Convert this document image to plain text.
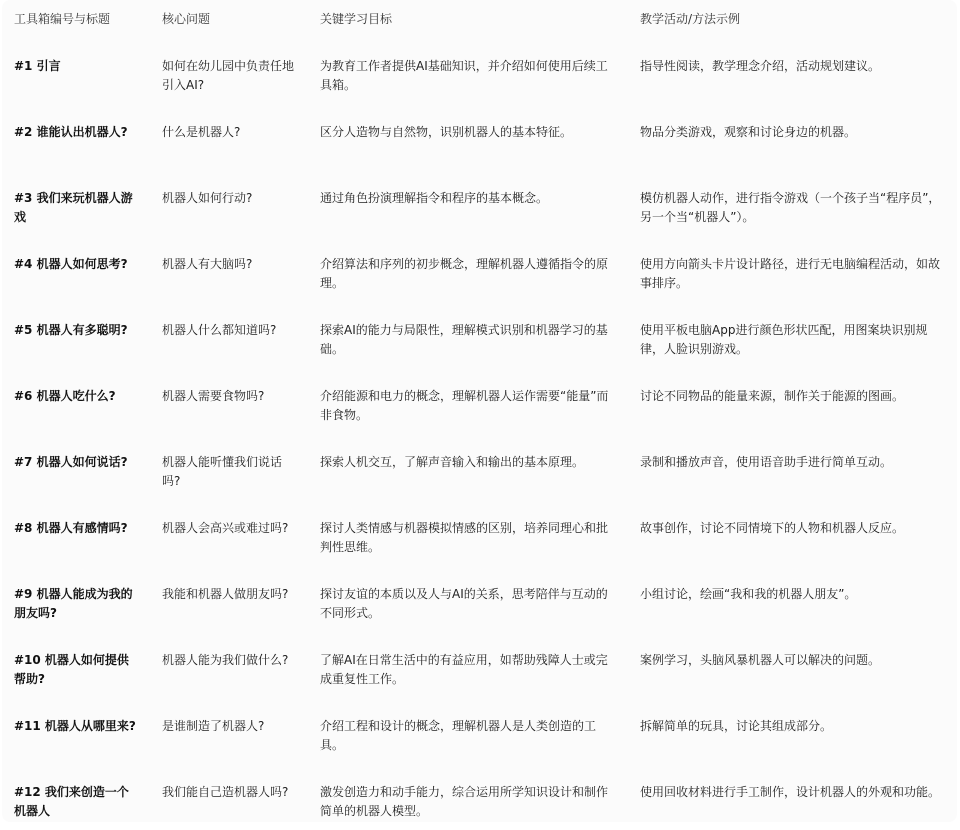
工具箱编号与标题	核心问题	关键学习目标	教学活动/方法示例
#1 引言	如何在幼儿园中负责任地引入AI?	为教育工作者提供AI基础知识，并介绍如何使用后续工具箱。	指导性阅读，教学理念介绍，活动规划建议。
#2 谁能认出机器人?	什么是机器人?	区分人造物与自然物，识别机器人的基本特征。	物品分类游戏，观察和讨论身边的机器。
#3 我们来玩机器人游戏	机器人如何行动?	通过角色扮演理解指令和程序的基本概念。	模仿机器人动作，进行指令游戏（一个孩子当“程序员”，另一个当“机器人”）。
#4 机器人如何思考?	机器人有大脑吗?	介绍算法和序列的初步概念，理解机器人遵循指令的原理。	使用方向箭头卡片设计路径，进行无电脑编程活动，如故事排序。
#5 机器人有多聪明?	机器人什么都知道吗?	探索AI的能力与局限性，理解模式识别和机器学习的基础。	使用平板电脑App进行颜色形状匹配，用图案块识别规律，人脸识别游戏。
#6 机器人吃什么?	机器人需要食物吗?	介绍能源和电力的概念，理解机器人运作需要“能量”而非食物。	讨论不同物品的能量来源，制作关于能源的图画。
#7 机器人如何说话?	机器人能听懂我们说话吗?	探索人机交互，了解声音输入和输出的基本原理。	录制和播放声音，使用语音助手进行简单互动。
#8 机器人有感情吗?	机器人会高兴或难过吗?	探讨人类情感与机器模拟情感的区别，培养同理心和批判性思维。	故事创作，讨论不同情境下的人物和机器人反应。
#9 机器人能成为我的朋友吗?	我能和机器人做朋友吗?	探讨友谊的本质以及人与AI的关系，思考陪伴与互动的不同形式。	小组讨论，绘画“我和我的机器人朋友”。
#10 机器人如何提供帮助?	机器人能为我们做什么?	了解AI在日常生活中的有益应用，如帮助残障人士或完成重复性工作。	案例学习，头脑风暴机器人可以解决的问题。
#11 机器人从哪里来?	是谁制造了机器人?	介绍工程和设计的概念，理解机器人是人类创造的工具。	拆解简单的玩具，讨论其组成部分。
#12 我们来创造一个机器人	我们能自己造机器人吗?	激发创造力和动手能力，综合运用所学知识设计和制作简单的机器人模型。	使用回收材料进行手工制作，设计机器人的外观和功能。
